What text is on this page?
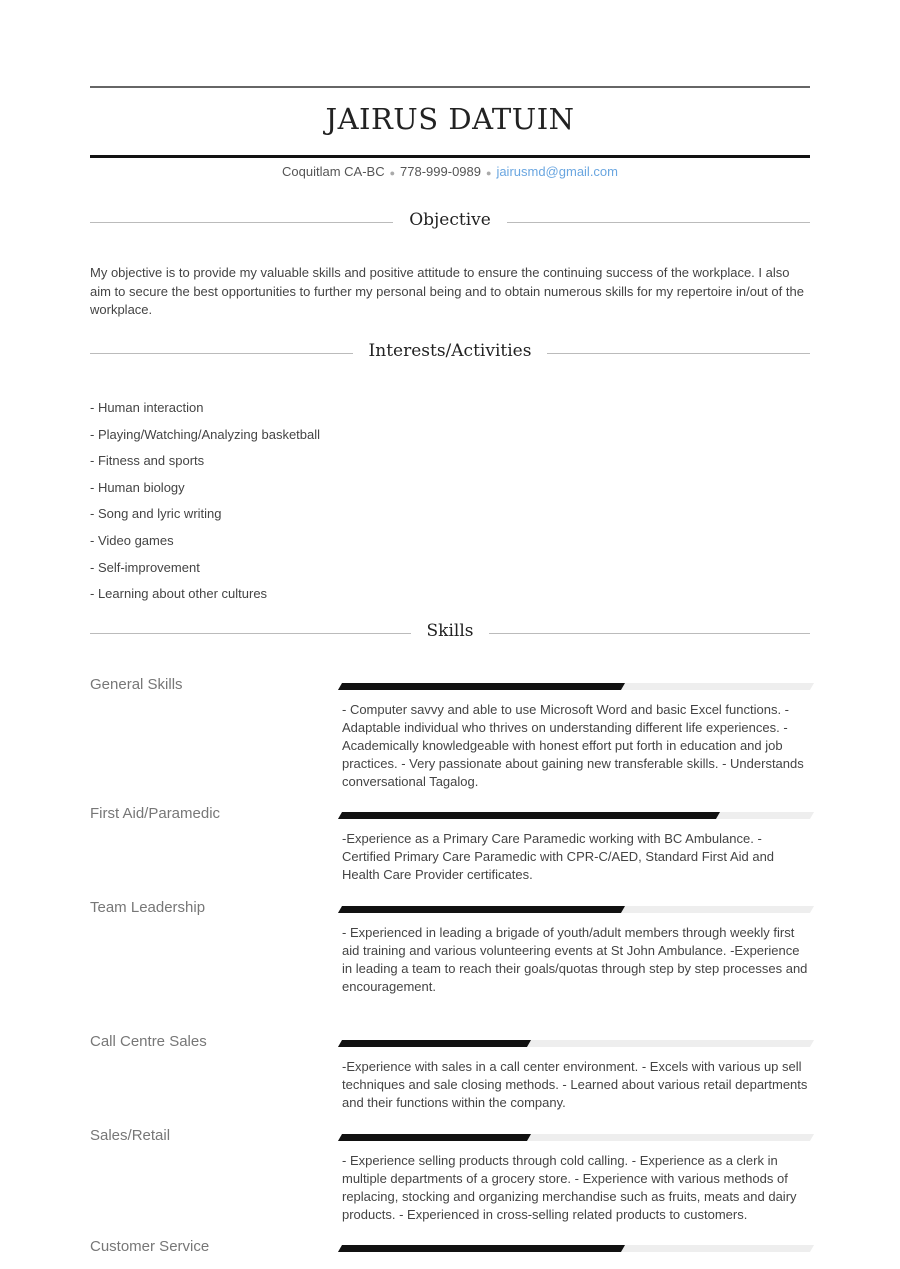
JAIRUS DATUIN
Coquitlam CA-BC ● 778-999-0989 ● jairusmd@gmail.com
Objective
My objective is to provide my valuable skills and positive attitude to ensure the continuing success of the workplace. I also aim to secure the best opportunities to further my personal being and to obtain numerous skills for my repertoire in/out of the workplace.
Interests/Activities
- Human interaction
- Playing/Watching/Analyzing basketball
- Fitness and sports
- Human biology
- Song and lyric writing
- Video games
- Self-improvement
- Learning about other cultures
Skills
General Skills
- Computer savvy and able to use Microsoft Word and basic Excel functions. - Adaptable individual who thrives on understanding different life experiences. - Academically knowledgeable with honest effort put forth in education and job practices. - Very passionate about gaining new transferable skills. - Understands conversational Tagalog.
First Aid/Paramedic
-Experience as a Primary Care Paramedic working with BC Ambulance. - Certified Primary Care Paramedic with CPR-C/AED, Standard First Aid and Health Care Provider certificates.
Team Leadership
- Experienced in leading a brigade of youth/adult members through weekly first aid training and various volunteering events at St John Ambulance. -Experience in leading a team to reach their goals/quotas through step by step processes and encouragement.
Call Centre Sales
-Experience with sales in a call center environment. - Excels with various up sell techniques and sale closing methods. - Learned about various retail departments and their functions within the company.
Sales/Retail
- Experience selling products through cold calling. - Experience as a clerk in multiple departments of a grocery store. - Experience with various methods of replacing, stocking and organizing merchandise such as fruits, meats and dairy products. - Experienced in cross-selling related products to customers.
Customer Service
